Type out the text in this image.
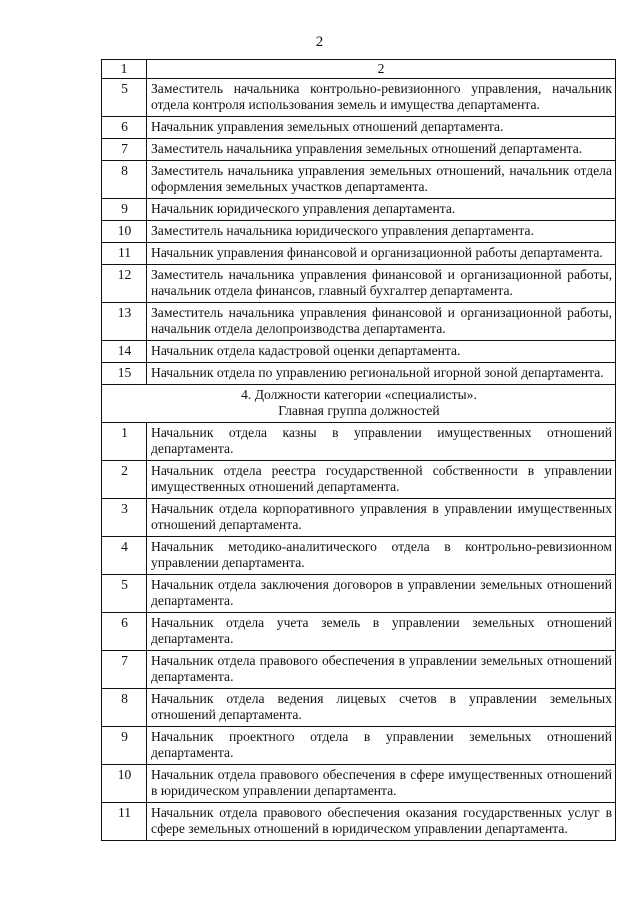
2
1	2
5	Заместитель начальника контрольно-ревизионного управления, начальник отдела контроля использования земель и имущества департамента.
6	Начальник управления земельных отношений департамента.
7	Заместитель начальника управления земельных отношений департамента.
8	Заместитель начальника управления земельных отношений, начальник отдела оформления земельных участков департамента.
9	Начальник юридического управления департамента.
10	Заместитель начальника юридического управления департамента.
11	Начальник управления финансовой и организационной работы департамента.
12	Заместитель начальника управления финансовой и организационной работы, начальник отдела финансов, главный бухгалтер департамента.
13	Заместитель начальника управления финансовой и организационной работы, начальник отдела делопроизводства департамента.
14	Начальник отдела кадастровой оценки департамента.
15	Начальник отдела по управлению региональной игорной зоной департамента.

4. Должности категории «специалисты».
Главная группа должностей	

1	Начальник отдела казны в управлении имущественных отношений департамента.
2	Начальник отдела реестра государственной собственности в управлении имущественных отношений департамента.
3	Начальник отдела корпоративного управления в управлении имущественных отношений департамента.
4	Начальник методико-аналитического отдела в контрольно-ревизионном управлении департамента.
5	Начальник отдела заключения договоров в управлении земельных отношений департамента.
6	Начальник отдела учета земель в управлении земельных отношений департамента.
7	Начальник отдела правового обеспечения в управлении земельных отношений департамента.
8	Начальник отдела ведения лицевых счетов в управлении земельных отношений департамента.
9	Начальник проектного отдела в управлении земельных отношений департамента.
10	Начальник отдела правового обеспечения в сфере имущественных отношений в юридическом управлении департамента.
11	Начальник отдела правового обеспечения оказания государственных услуг в сфере земельных отношений в юридическом управлении департамента.
